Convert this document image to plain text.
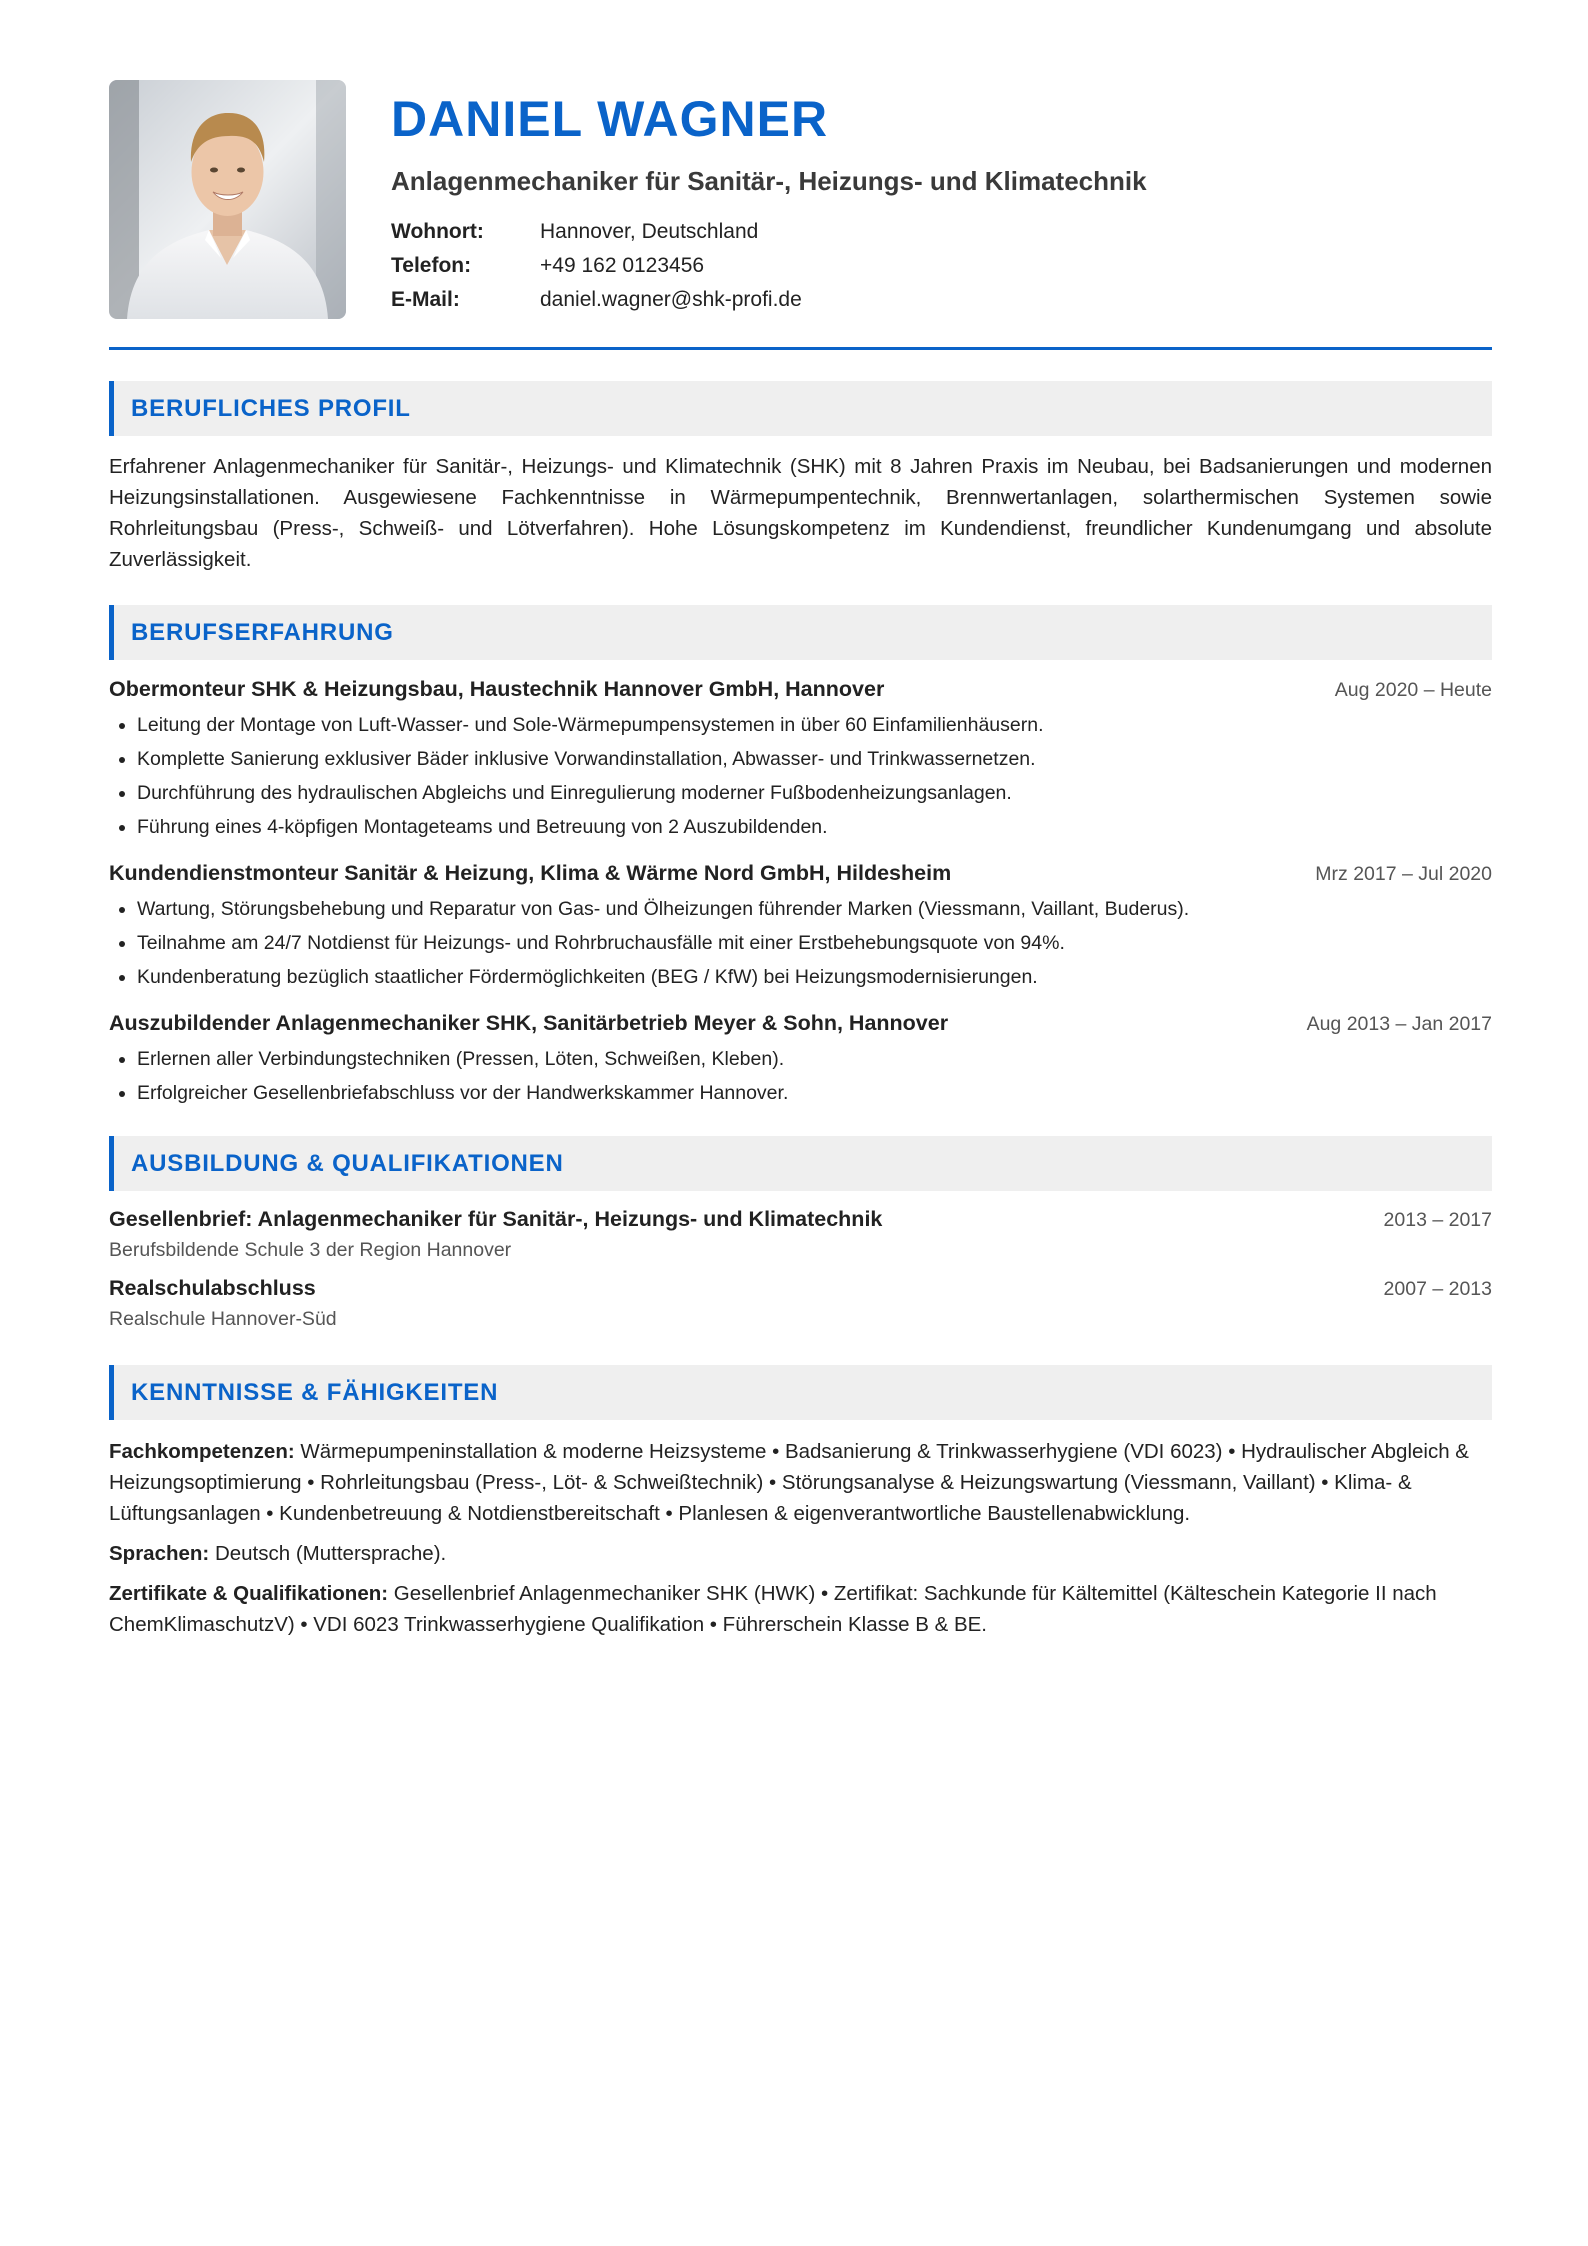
DANIEL WAGNER
Anlagenmechaniker für Sanitär-, Heizungs- und Klimatechnik
Wohnort:	Hannover, Deutschland
Telefon:	+49 162 0123456
E-Mail:	daniel.wagner@shk-profi.de
BERUFLICHES PROFIL
Erfahrener Anlagenmechaniker für Sanitär-, Heizungs- und Klimatechnik (SHK) mit 8 Jahren Praxis im Neubau, bei Badsanierungen und modernen Heizungsinstallationen. Ausgewiesene Fachkenntnisse in Wärmepumpentechnik, Brennwertanlagen, solarthermischen Systemen sowie Rohrleitungsbau (Press-, Schweiß- und Lötverfahren). Hohe Lösungskompetenz im Kundendienst, freundlicher Kundenumgang und absolute Zuverlässigkeit.
BERUFSERFAHRUNG
Obermonteur SHK & Heizungsbau, Haustechnik Hannover GmbH, Hannover	Aug 2020 – Heute
• Leitung der Montage von Luft-Wasser- und Sole-Wärmepumpensystemen in über 60 Einfamilienhäusern.
• Komplette Sanierung exklusiver Bäder inklusive Vorwandinstallation, Abwasser- und Trinkwassernetzen.
• Durchführung des hydraulischen Abgleichs und Einregulierung moderner Fußbodenheizungsanlagen.
• Führung eines 4-köpfigen Montageteams und Betreuung von 2 Auszubildenden.
Kundendienstmonteur Sanitär & Heizung, Klima & Wärme Nord GmbH, Hildesheim	Mrz 2017 – Jul 2020
• Wartung, Störungsbehebung und Reparatur von Gas- und Ölheizungen führender Marken (Viessmann, Vaillant, Buderus).
• Teilnahme am 24/7 Notdienst für Heizungs- und Rohrbruchausfälle mit einer Erstbehebungsquote von 94%.
• Kundenberatung bezüglich staatlicher Fördermöglichkeiten (BEG / KfW) bei Heizungsmodernisierungen.
Auszubildender Anlagenmechaniker SHK, Sanitärbetrieb Meyer & Sohn, Hannover	Aug 2013 – Jan 2017
• Erlernen aller Verbindungstechniken (Pressen, Löten, Schweißen, Kleben).
• Erfolgreicher Gesellenbriefabschluss vor der Handwerkskammer Hannover.
AUSBILDUNG & QUALIFIKATIONEN
Gesellenbrief: Anlagenmechaniker für Sanitär-, Heizungs- und Klimatechnik	2013 – 2017
Berufsbildende Schule 3 der Region Hannover
Realschulabschluss	2007 – 2013
Realschule Hannover-Süd
KENNTNISSE & FÄHIGKEITEN
Fachkompetenzen: Wärmepumpeninstallation & moderne Heizsysteme • Badsanierung & Trinkwasserhygiene (VDI 6023) • Hydraulischer Abgleich & Heizungsoptimierung • Rohrleitungsbau (Press-, Löt- & Schweißtechnik) • Störungsanalyse & Heizungswartung (Viessmann, Vaillant) • Klima- & Lüftungsanlagen • Kundenbetreuung & Notdienstbereitschaft • Planlesen & eigenverantwortliche Baustellenabwicklung.
Sprachen: Deutsch (Muttersprache).
Zertifikate & Qualifikationen: Gesellenbrief Anlagenmechaniker SHK (HWK) • Zertifikat: Sachkunde für Kältemittel (Kälteschein Kategorie II nach ChemKlimaschutzV) • VDI 6023 Trinkwasserhygiene Qualifikation • Führerschein Klasse B & BE.
